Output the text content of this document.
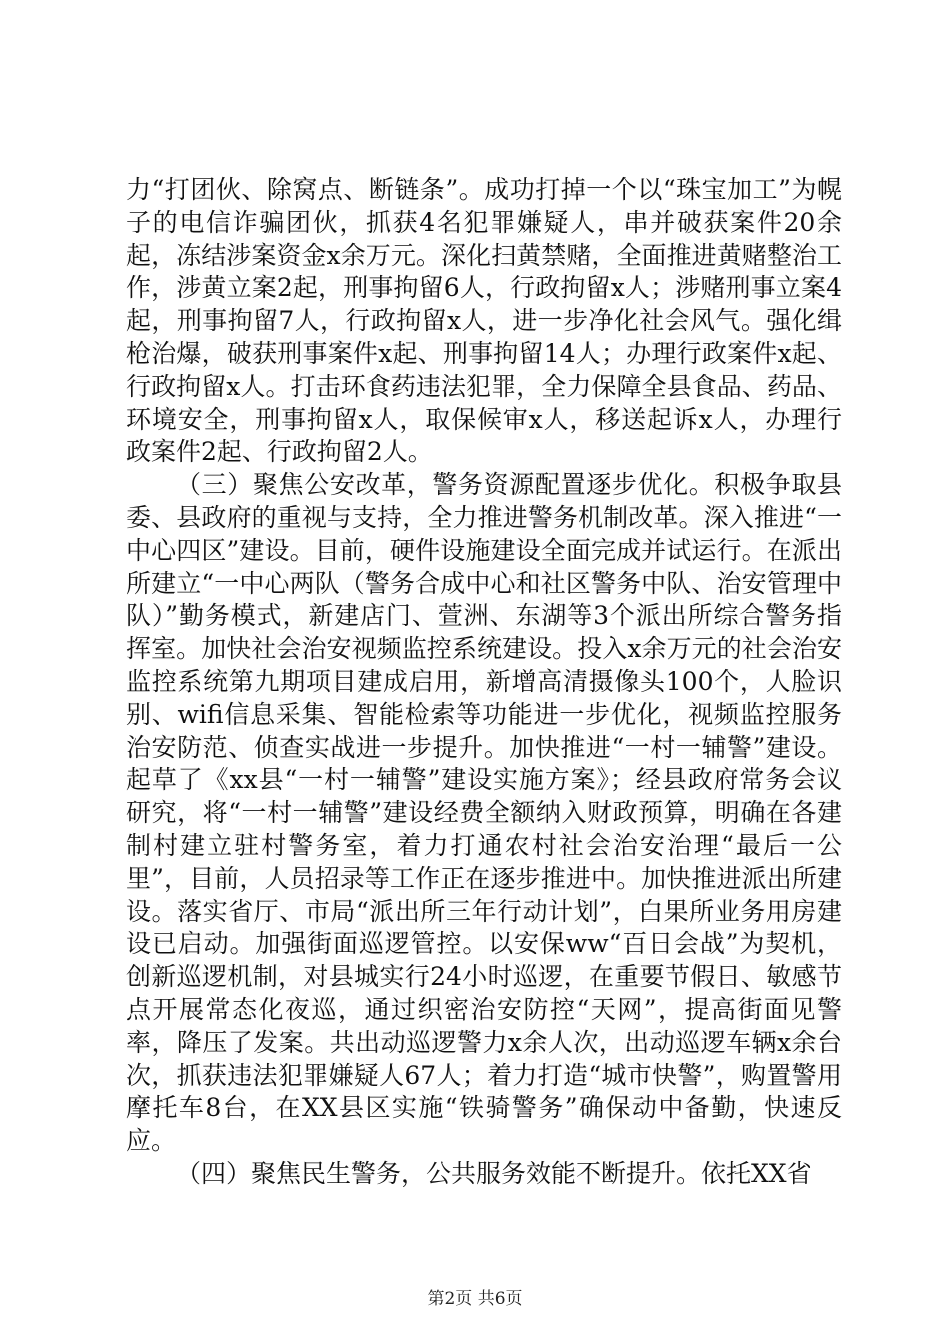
力“打团伙、除窝点、断链条”。成功打掉一个以“珠宝加工”为幌子的电信诈骗团伙，抓获4名犯罪嫌疑人，串并破获案件20余起，冻结涉案资金x余万元。深化扫黄禁赌，全面推进黄赌整治工作，涉黄立案2起，刑事拘留6人，行政拘留x人；涉赌刑事立案4起，刑事拘留7人，行政拘留x人，进一步净化社会风气。强化缉枪治爆，破获刑事案件x起、刑事拘留14人；办理行政案件x起、行政拘留x人。打击环食药违法犯罪，全力保障全县食品、药品、环境安全，刑事拘留x人，取保候审x人，移送起诉x人，办理行政案件2起、行政拘留2人。

（三）聚焦公安改革，警务资源配置逐步优化。积极争取县委、县政府的重视与支持，全力推进警务机制改革。深入推进“一中心四区”建设。目前，硬件设施建设全面完成并试运行。在派出所建立“一中心两队（警务合成中心和社区警务中队、治安管理中队）”勤务模式，新建店门、萱洲、东湖等3个派出所综合警务指挥室。加快社会治安视频监控系统建设。投入x余万元的社会治安监控系统第九期项目建成启用，新增高清摄像头100个，人脸识别、wifi信息采集、智能检索等功能进一步优化，视频监控服务治安防范、侦查实战进一步提升。加快推进“一村一辅警”建设。起草了《xx县“一村一辅警”建设实施方案》；经县政府常务会议研究，将“一村一辅警”建设经费全额纳入财政预算，明确在各建制村建立驻村警务室，着力打通农村社会治安治理“最后一公里”，目前，人员招录等工作正在逐步推进中。加快推进派出所建设。落实省厅、市局“派出所三年行动计划”，白果所业务用房建设已启动。加强街面巡逻管控。以安保ww“百日会战”为契机，创新巡逻机制，对县城实行24小时巡逻，在重要节假日、敏感节点开展常态化夜巡，通过织密治安防控“天网”，提高街面见警率，降压了发案。共出动巡逻警力x余人次，出动巡逻车辆x余台次，抓获违法犯罪嫌疑人67人；着力打造“城市快警”，购置警用摩托车8台，在XX县区实施“铁骑警务”确保动中备勤，快速反应。

（四）聚焦民生警务，公共服务效能不断提升。依托XX省

第2页 共6页
